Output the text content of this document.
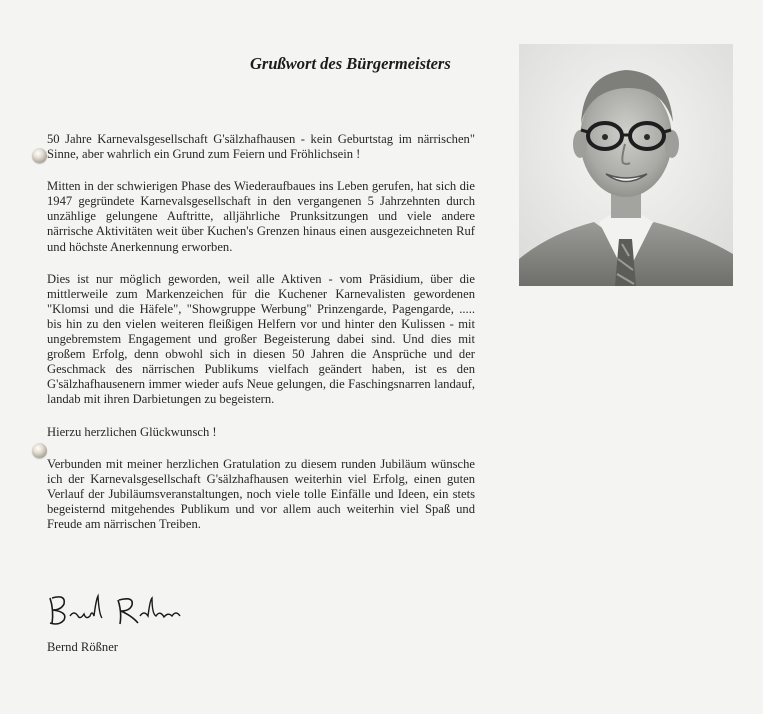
Grußwort des Bürgermeisters

50 Jahre Karnevalsgesellschaft G'sälzhafhausen - kein Geburtstag im närrischen" Sinne, aber wahrlich ein Grund zum Feiern und Fröhlichsein !

Mitten in der schwierigen Phase des Wiederaufbaues ins Leben gerufen, hat sich die 1947 gegründete Karnevalsgesellschaft in den vergangenen 5 Jahrzehnten durch unzählige gelungene Auftritte, alljährliche Prunksitzungen und viele andere närrische Aktivitäten weit über Kuchen's Grenzen hinaus einen ausgezeichneten Ruf und höchste Anerkennung erworben.

Dies ist nur möglich geworden, weil alle Aktiven - vom Präsidium, über die mittlerweile zum Markenzeichen für die Kuchener Karnevalisten gewordenen "Klomsi und die Häfele", "Showgruppe Werbung" Prinzengarde, Pagengarde, ..... bis hin zu den vielen weiteren fleißigen Helfern vor und hinter den Kulissen - mit ungebremstem Engagement und großer Begeisterung dabei sind. Und dies mit großem Erfolg, denn obwohl sich in diesen 50 Jahren die Ansprüche und der Geschmack des närrischen Publikums vielfach geändert haben, ist es den G'sälzhafhausenern immer wieder aufs Neue gelungen, die Faschingsnarren landauf, landab mit ihren Darbietungen zu begeistern.

Hierzu herzlichen Glückwunsch !

Verbunden mit meiner herzlichen Gratulation zu diesem runden Jubiläum wünsche ich der Karnevalsgesellschaft G'sälzhafhausen weiterhin viel Erfolg, einen guten Verlauf der Jubiläumsveranstaltungen, noch viele tolle Einfälle und Ideen, ein stets begeisternd mitgehendes Publikum und vor allem auch weiterhin viel Spaß und Freude am närrischen Treiben.

Bernd Rößner
